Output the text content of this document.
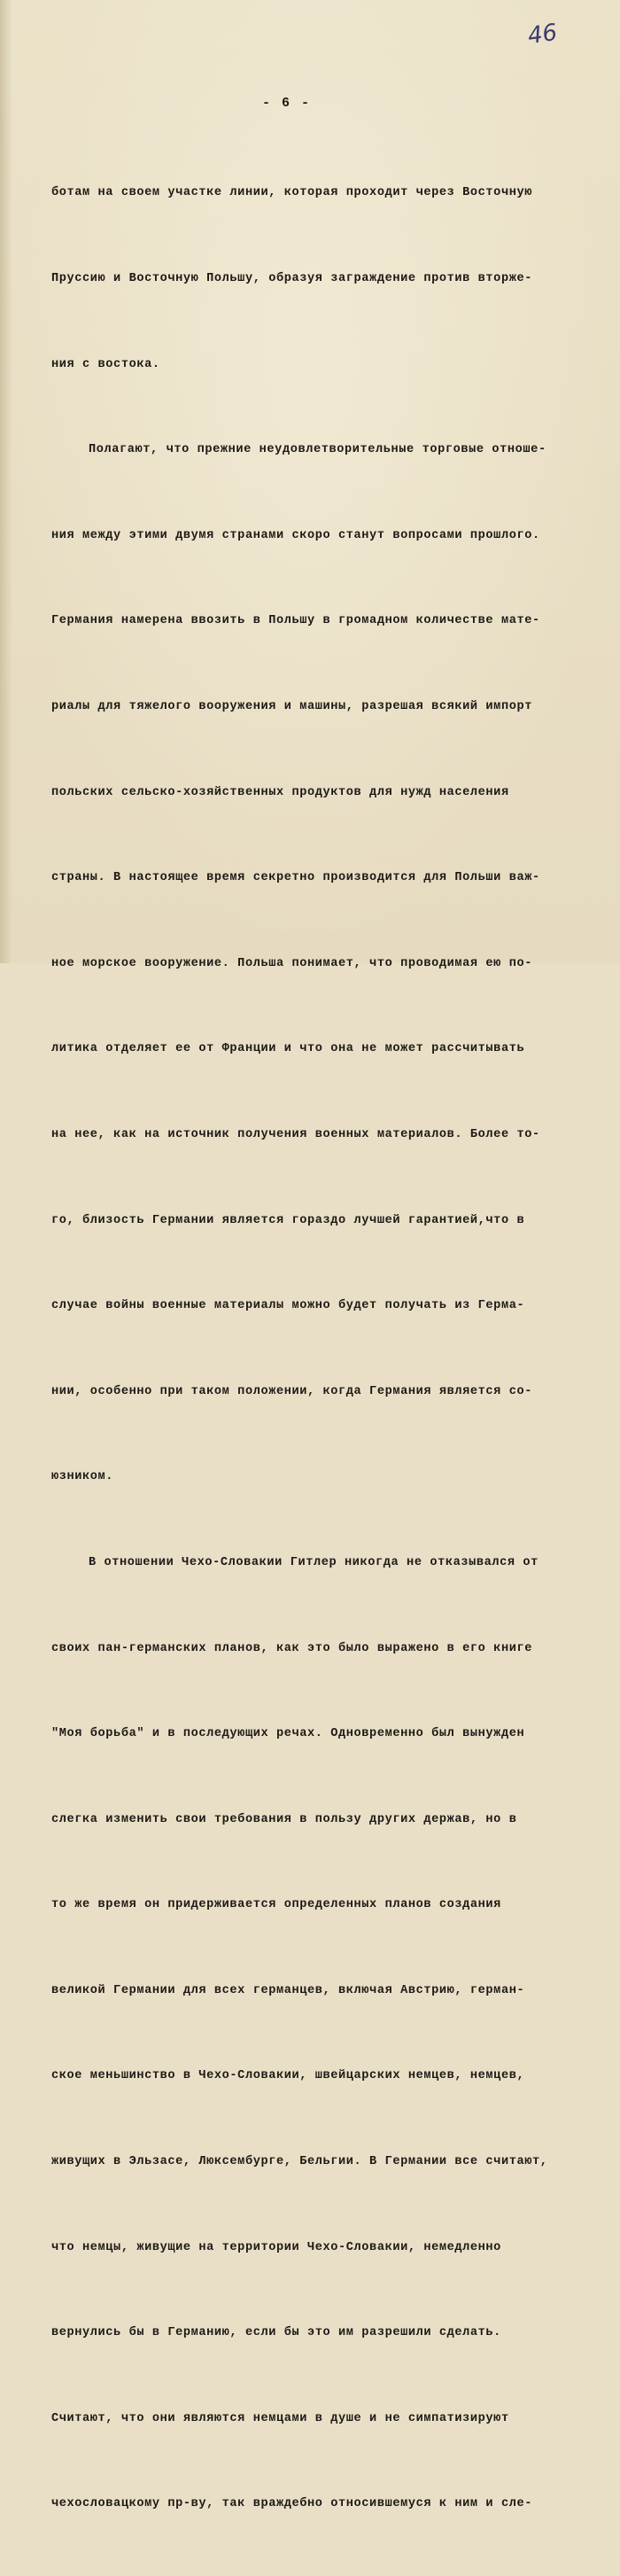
46
- 6 -

ботам на своем участке линии, которая проходит через Восточную

Пруссию и Восточную Польшу, образуя заграждение против вторже-

ния с востока.

Полагают, что прежние неудовлетворительные торговые отноше-

ния между этими двумя странами скоро станут вопросами прошлого.

Германия намерена ввозить в Польшу в громадном количестве мате-

риалы для тяжелого вооружения и машины, разрешая всякий импорт

польских сельско-хозяйственных продуктов для нужд населения

страны. В настоящее время секретно производится для Польши важ-

ное морское вооружение. Польша понимает, что проводимая ею по-

литика отделяет ее от Франции и что она не может рассчитывать

на нее, как на источник получения военных материалов. Более то-

го, близость Германии является гораздо лучшей гарантией,что в

случае войны военные материалы можно будет получать из Герма-

нии, особенно при таком положении, когда Германия является со-

юзником.

В отношении Чехо-Словакии Гитлер никогда не отказывался от

своих пан-германских планов, как это было выражено в его книге

"Моя борьба" и в последующих речах. Одновременно был вынужден

слегка изменить свои требования в пользу других держав, но в

то же время он придерживается определенных планов создания

великой Германии для всех германцев, включая Австрию, герман-

ское меньшинство в Чехо-Словакии, швейцарских немцев, немцев,

живущих в Эльзасе, Люксембурге, Бельгии. В Германии все считают,

что немцы, живущие на территории Чехо-Словакии, немедленно

вернулись бы в Германию, если бы это им разрешили сделать.

Считают, что они являются немцами в душе и не симпатизируют

чехословацкому пр-ву, так враждебно относившемуся к ним и сле-
